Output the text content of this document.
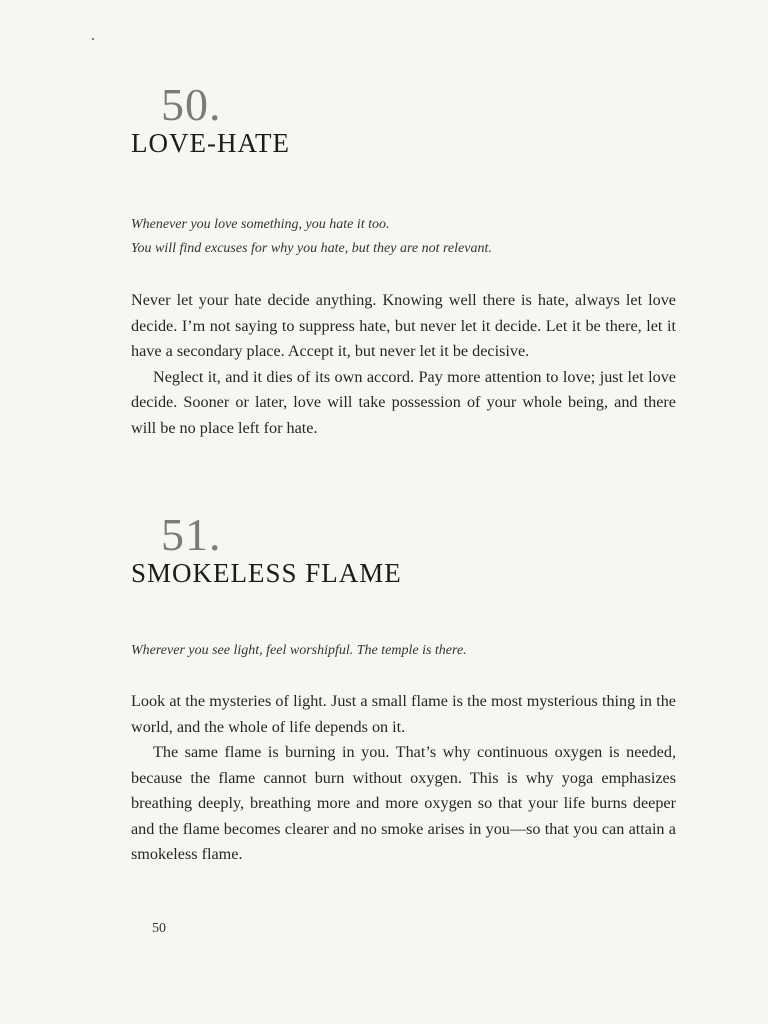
50.
LOVE-HATE

Whenever you love something, you hate it too.

You will find excuses for why you hate, but they are not relevant.

Never let your hate decide anything. Knowing well there is hate, always let love decide. I’m not saying to suppress hate, but never let it decide. Let it be there, let it have a secondary place. Accept it, but never let it be decisive.

Neglect it, and it dies of its own accord. Pay more attention to love; just let love decide. Sooner or later, love will take possession of your whole being, and there will be no place left for hate.

51.
SMOKELESS FLAME

Wherever you see light, feel worshipful. The temple is there.

Look at the mysteries of light. Just a small flame is the most mysterious thing in the world, and the whole of life depends on it.

The same flame is burning in you. That’s why continuous oxygen is needed, because the flame cannot burn without oxygen. This is why yoga emphasizes breathing deeply, breathing more and more oxygen so that your life burns deeper and the flame becomes clearer and no smoke arises in you—so that you can attain a smokeless flame.

50
